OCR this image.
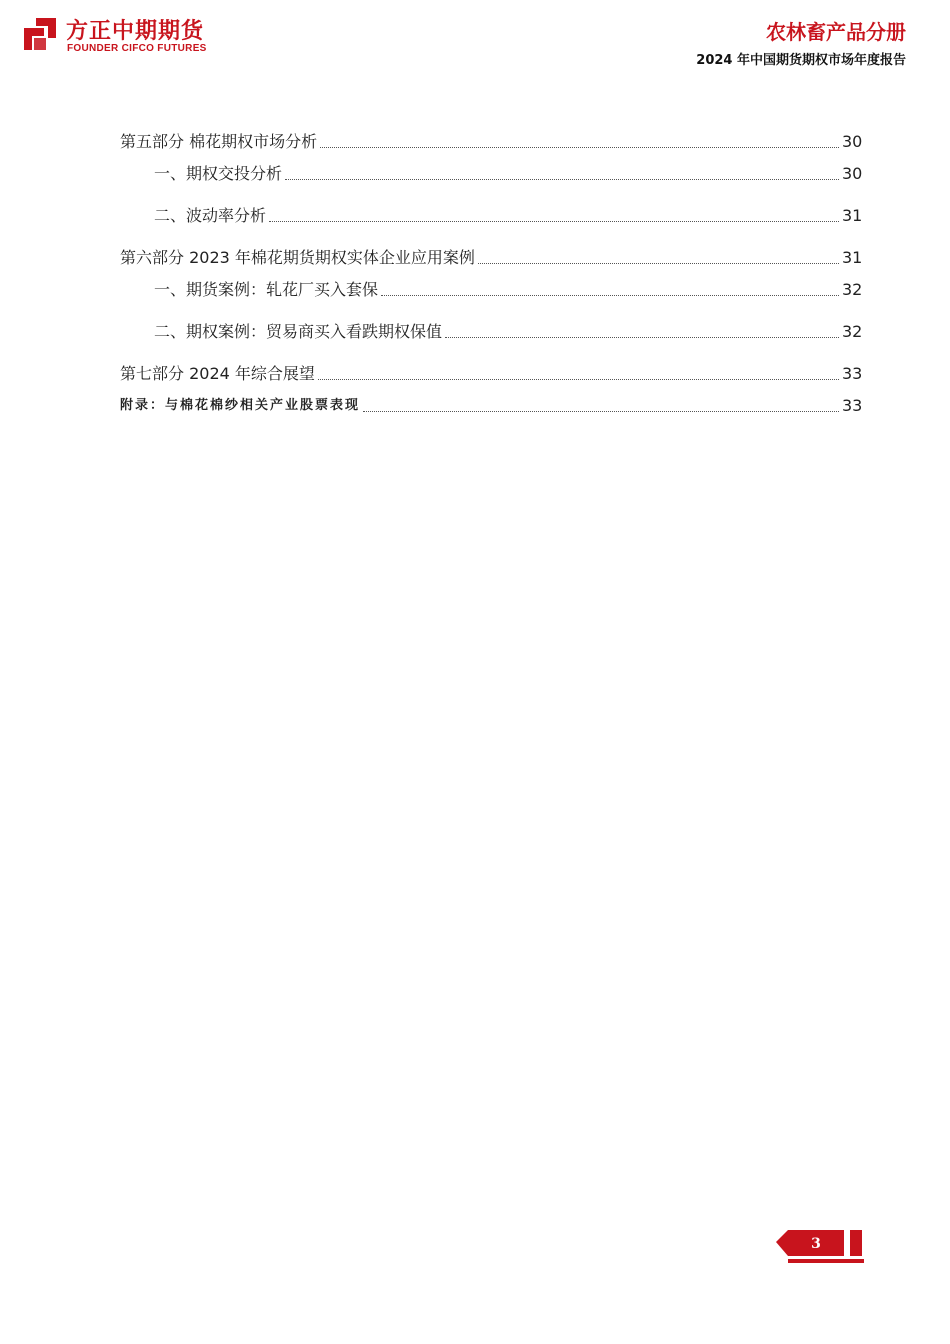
方正中期期货
FOUNDER CIFCO FUTURES
农林畜产品分册
2024 年中国期货期权市场年度报告
第五部分 棉花期权市场分析	30
一、期权交投分析	30
二、波动率分析	31
第六部分 2023 年棉花期货期权实体企业应用案例	31
一、期货案例：轧花厂买入套保	32
二、期权案例：贸易商买入看跌期权保值	32
第七部分 2024 年综合展望	33
附录：与棉花棉纱相关产业股票表现	33
3
